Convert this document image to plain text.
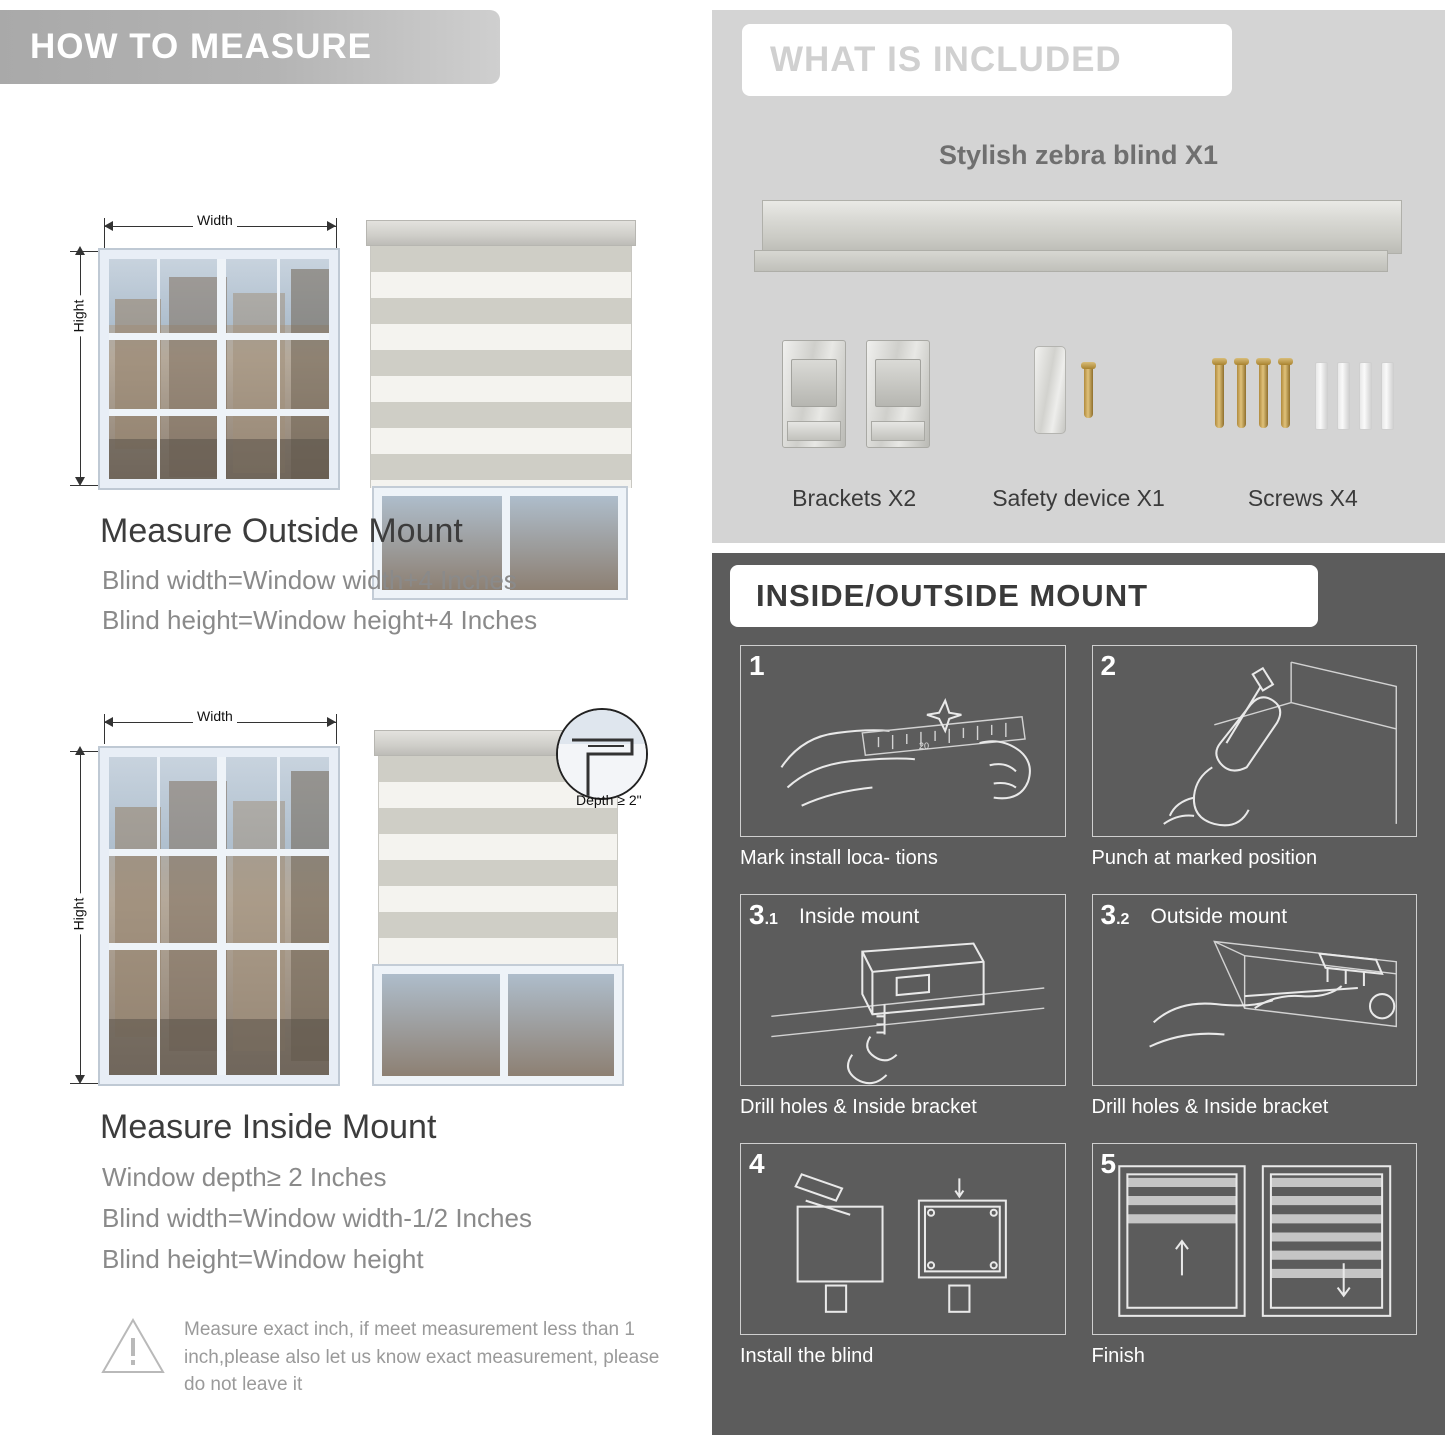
HOW TO MEASURE
Width
Hight
Measure Outside Mount
Blind width=Window width+4 Inches
Blind height=Window height+4 Inches
Width
Hight
Depth ≥ 2"
Measure Inside Mount
Window depth≥ 2 Inches
Blind width=Window width-1/2 Inches
Blind height=Window height
Measure exact inch, if meet measurement less than 1 inch,please also let us know exact measurement, please do not leave it
WHAT IS INCLUDED
Stylish zebra blind X1
Brackets X2	Safety device X1	Screws X4
INSIDE/OUTSIDE MOUNT
1
20
Mark install loca- tions
2
Punch at marked position
3.1 Inside mount
Drill holes & Inside bracket
3.2 Outside mount
Drill holes & Inside bracket
4
Install the blind
5
Finish
